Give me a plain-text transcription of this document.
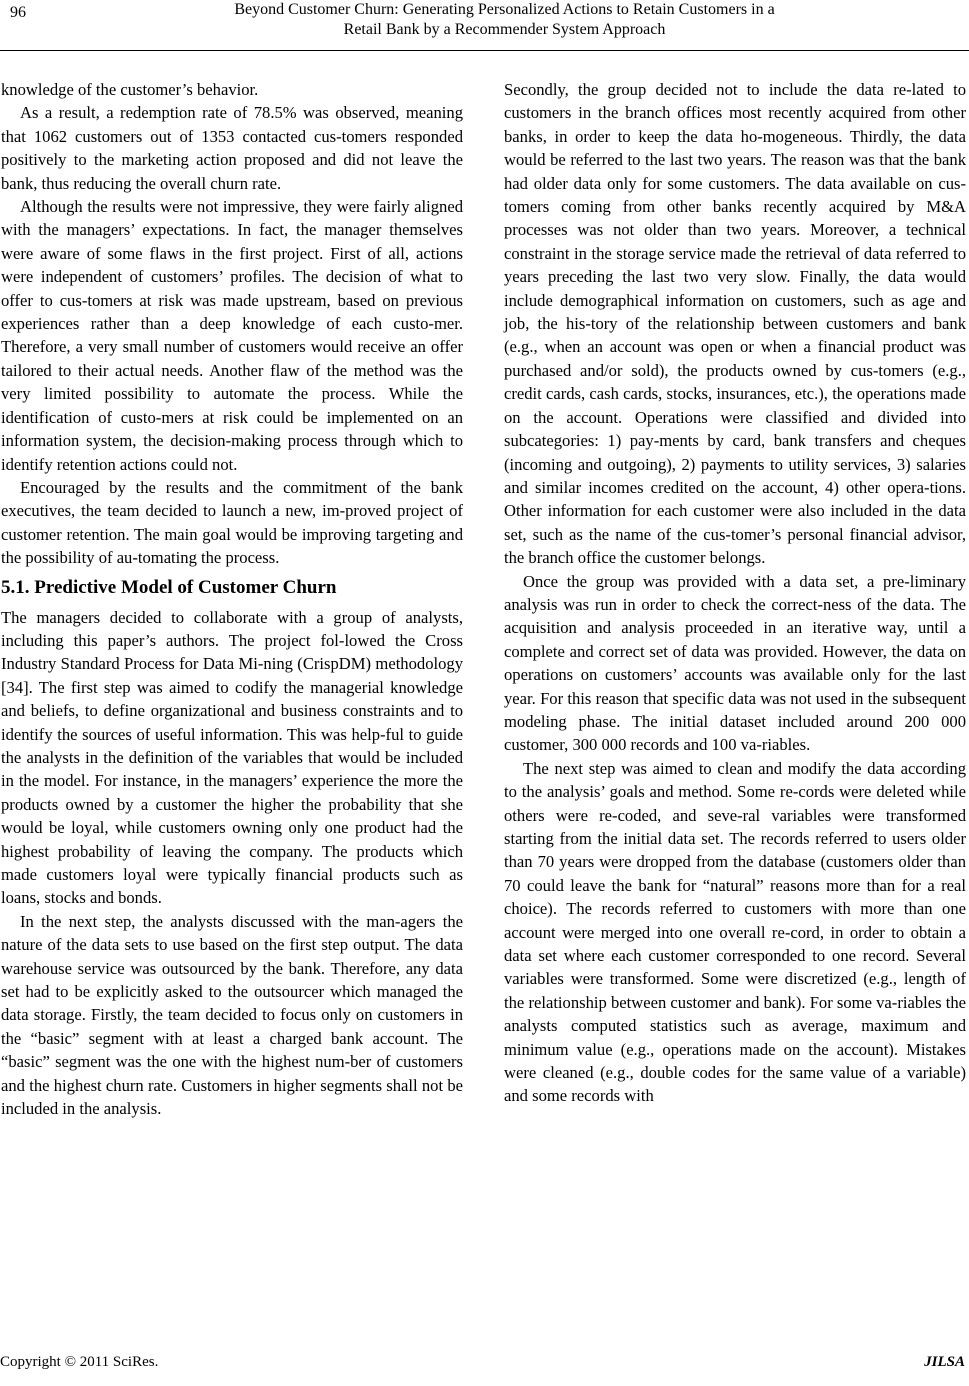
96	Beyond Customer Churn: Generating Personalized Actions to Retain Customers in a
Retail Bank by a Recommender System Approach

knowledge of the customer’s behavior.

As a result, a redemption rate of 78.5% was observed, meaning that 1062 customers out of 1353 contacted cus-tomers responded positively to the marketing action proposed and did not leave the bank, thus reducing the overall churn rate.

Although the results were not impressive, they were fairly aligned with the managers’ expectations. In fact, the manager themselves were aware of some flaws in the first project. First of all, actions were independent of customers’ profiles. The decision of what to offer to cus-tomers at risk was made upstream, based on previous experiences rather than a deep knowledge of each custo-mer. Therefore, a very small number of customers would receive an offer tailored to their actual needs. Another flaw of the method was the very limited possibility to automate the process. While the identification of custo-mers at risk could be implemented on an information system, the decision-making process through which to identify retention actions could not.

Encouraged by the results and the commitment of the bank executives, the team decided to launch a new, im-proved project of customer retention. The main goal would be improving targeting and the possibility of au-tomating the process.

5.1. Predictive Model of Customer Churn

The managers decided to collaborate with a group of analysts, including this paper’s authors. The project fol-lowed the Cross Industry Standard Process for Data Mi-ning (CrispDM) methodology [34]. The first step was aimed to codify the managerial knowledge and beliefs, to define organizational and business constraints and to identify the sources of useful information. This was help-ful to guide the analysts in the definition of the variables that would be included in the model. For instance, in the managers’ experience the more the products owned by a customer the higher the probability that she would be loyal, while customers owning only one product had the highest probability of leaving the company. The products which made customers loyal were typically financial products such as loans, stocks and bonds.

In the next step, the analysts discussed with the man-agers the nature of the data sets to use based on the first step output. The data warehouse service was outsourced by the bank. Therefore, any data set had to be explicitly asked to the outsourcer which managed the data storage. Firstly, the team decided to focus only on customers in the “basic” segment with at least a charged bank account. The “basic” segment was the one with the highest num-ber of customers and the highest churn rate. Customers in higher segments shall not be included in the analysis.

Secondly, the group decided not to include the data re-lated to customers in the branch offices most recently acquired from other banks, in order to keep the data ho-mogeneous. Thirdly, the data would be referred to the last two years. The reason was that the bank had older data only for some customers. The data available on cus-tomers coming from other banks recently acquired by M&A processes was not older than two years. Moreover, a technical constraint in the storage service made the retrieval of data referred to years preceding the last two very slow. Finally, the data would include demographical information on customers, such as age and job, the his-tory of the relationship between customers and bank (e.g., when an account was open or when a financial product was purchased and/or sold), the products owned by cus-tomers (e.g., credit cards, cash cards, stocks, insurances, etc.), the operations made on the account. Operations were classified and divided into subcategories: 1) pay-ments by card, bank transfers and cheques (incoming and outgoing), 2) payments to utility services, 3) salaries and similar incomes credited on the account, 4) other opera-tions. Other information for each customer were also included in the data set, such as the name of the cus-tomer’s personal financial advisor, the branch office the customer belongs.

Once the group was provided with a data set, a pre-liminary analysis was run in order to check the correct-ness of the data. The acquisition and analysis proceeded in an iterative way, until a complete and correct set of data was provided. However, the data on operations on customers’ accounts was available only for the last year. For this reason that specific data was not used in the subsequent modeling phase. The initial dataset included around 200 000 customer, 300 000 records and 100 va-riables.

The next step was aimed to clean and modify the data according to the analysis’ goals and method. Some re-cords were deleted while others were re-coded, and seve-ral variables were transformed starting from the initial data set. The records referred to users older than 70 years were dropped from the database (customers older than 70 could leave the bank for “natural” reasons more than for a real choice). The records referred to customers with more than one account were merged into one overall re-cord, in order to obtain a data set where each customer corresponded to one record. Several variables were transformed. Some were discretized (e.g., length of the relationship between customer and bank). For some va-riables the analysts computed statistics such as average, maximum and minimum value (e.g., operations made on the account). Mistakes were cleaned (e.g., double codes for the same value of a variable) and some records with

Copyright © 2011 SciRes.	JILSA
